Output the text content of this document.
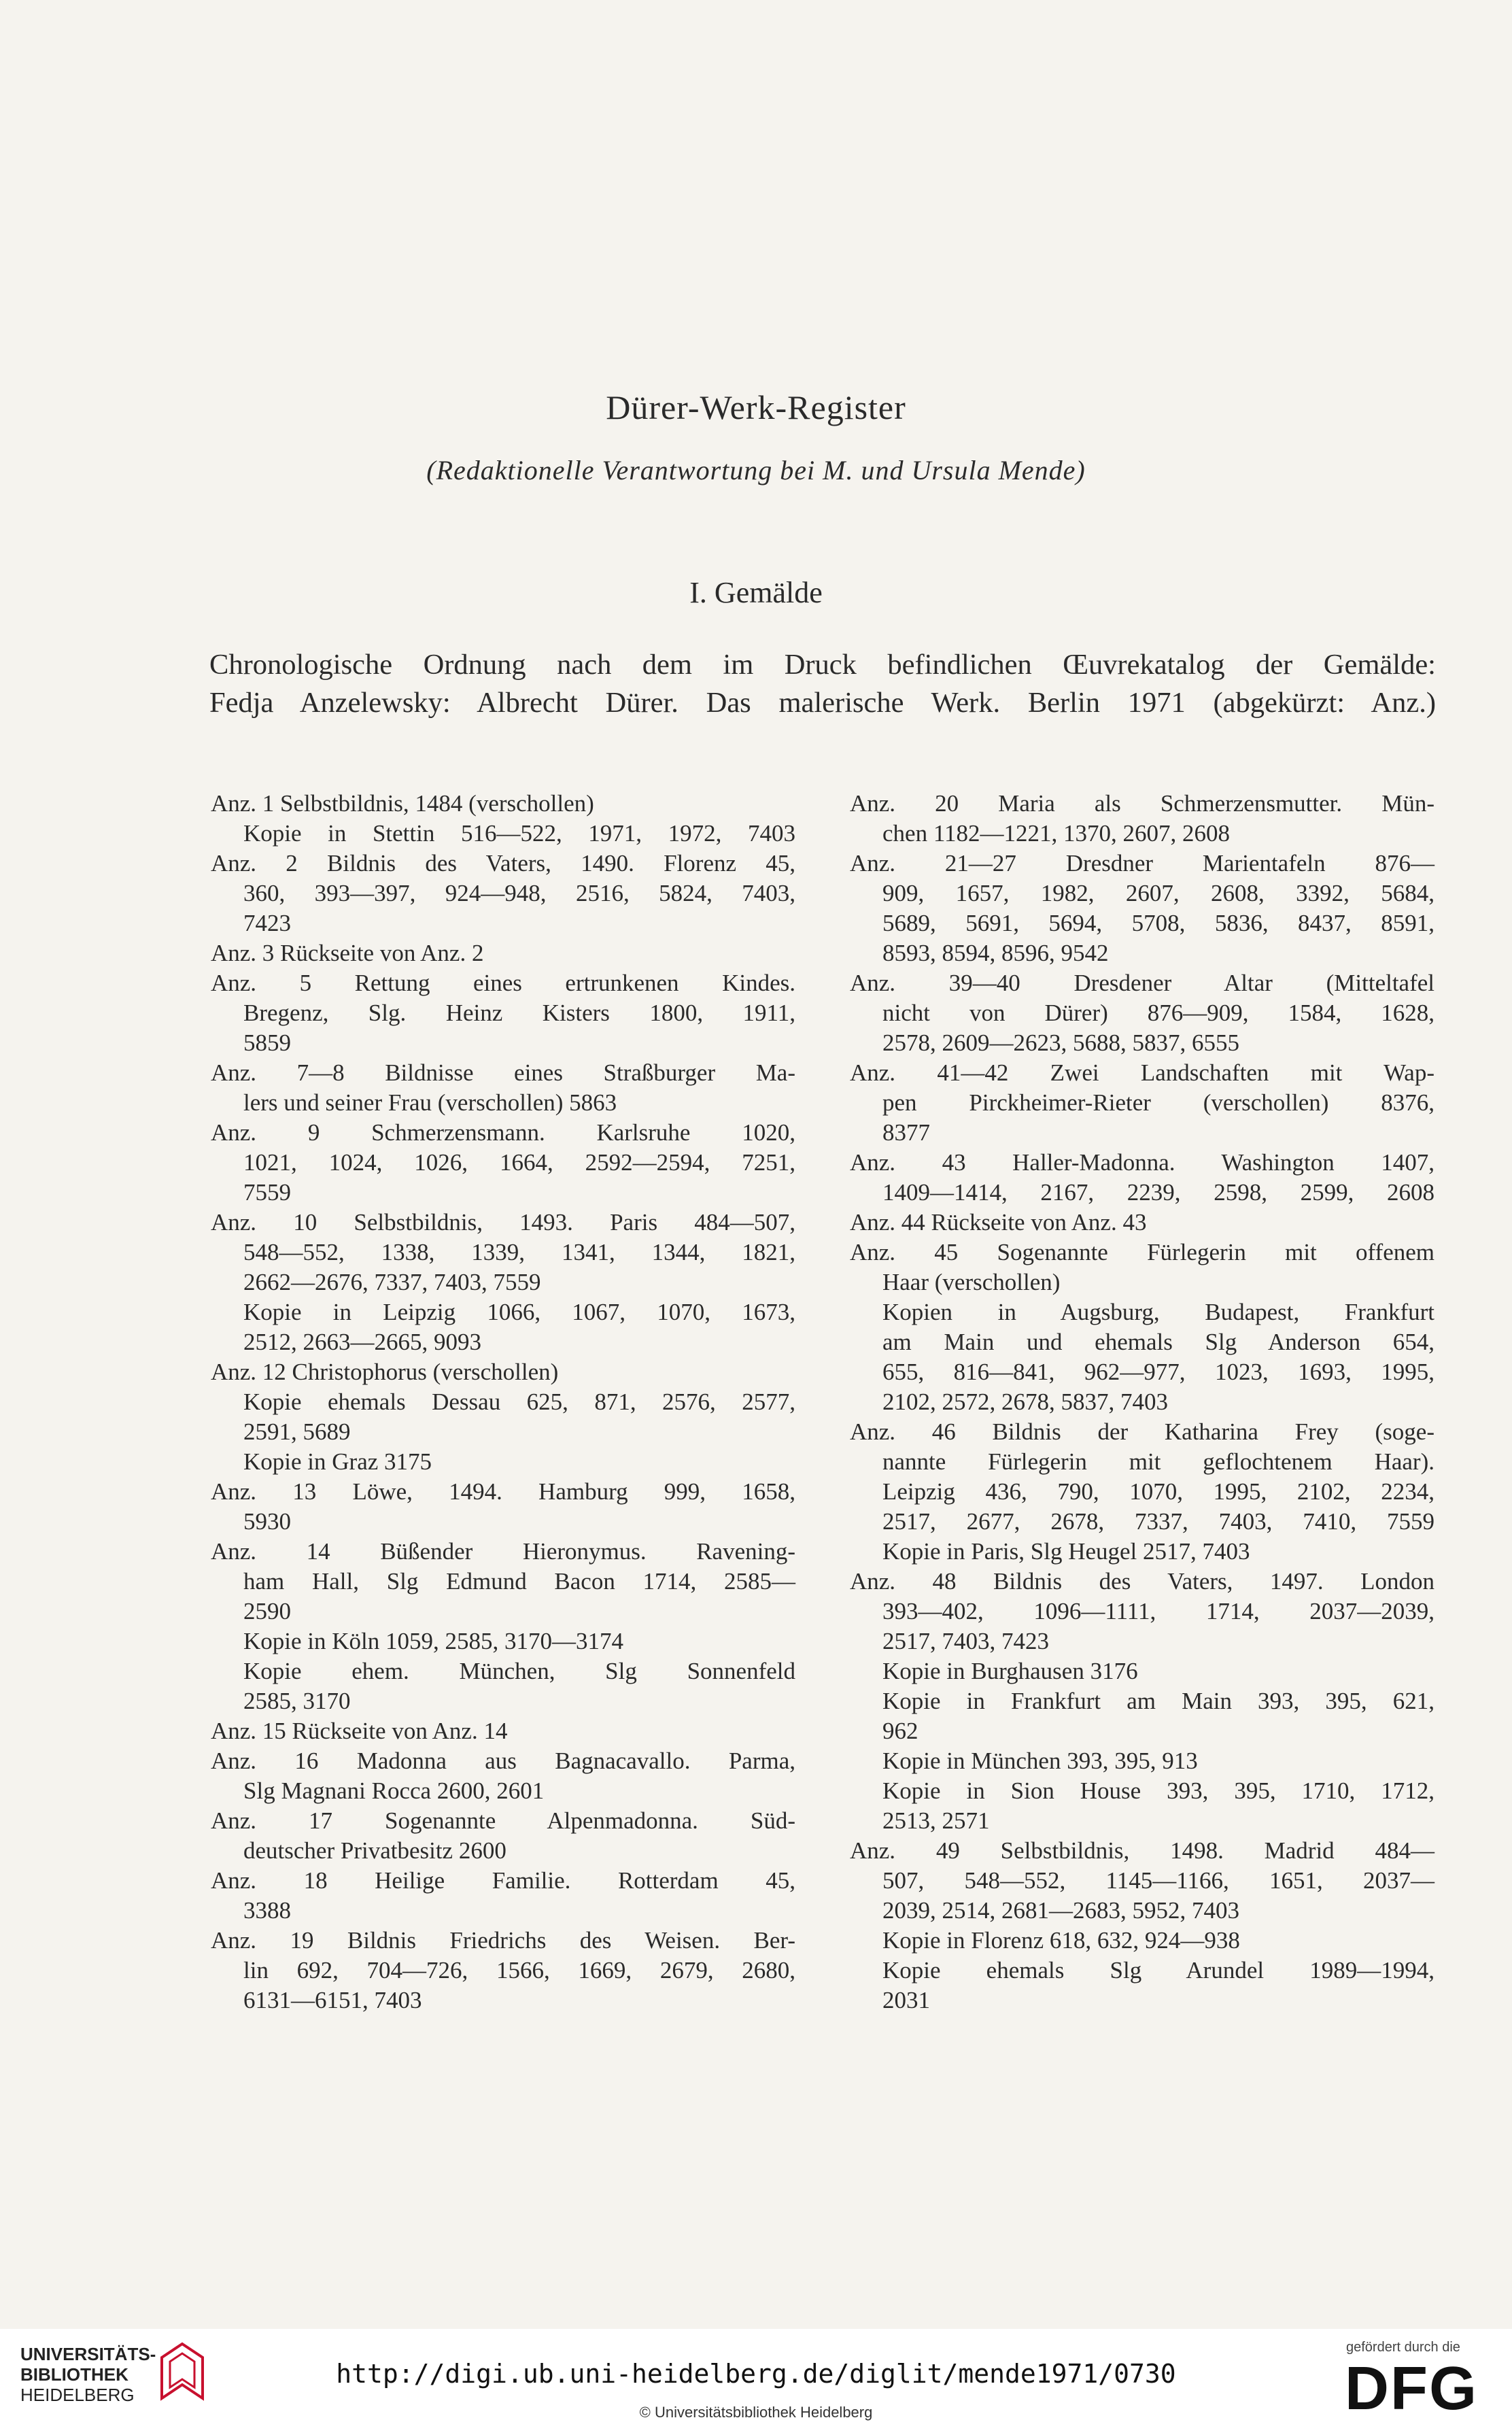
Dürer-Werk-Register
(Redaktionelle Verantwortung bei M. und Ursula Mende)
I. Gemälde
Chronologische Ordnung nach dem im Druck befindlichen Œuvrekatalog der Gemälde:
Fedja Anzelewsky: Albrecht Dürer. Das malerische Werk. Berlin 1971 (abgekürzt: Anz.)
Anz. 1 Selbstbildnis, 1484 (verschollen)
Kopie in Stettin 516—522, 1971, 1972, 7403
Anz. 2 Bildnis des Vaters, 1490. Florenz 45,
360, 393—397, 924—948, 2516, 5824, 7403,
7423
Anz. 3 Rückseite von Anz. 2
Anz. 5 Rettung eines ertrunkenen Kindes.
Bregenz, Slg. Heinz Kisters 1800, 1911,
5859
Anz. 7—8 Bildnisse eines Straßburger Ma-
lers und seiner Frau (verschollen) 5863
Anz. 9 Schmerzensmann. Karlsruhe 1020,
1021, 1024, 1026, 1664, 2592—2594, 7251,
7559
Anz. 10 Selbstbildnis, 1493. Paris 484—507,
548—552, 1338, 1339, 1341, 1344, 1821,
2662—2676, 7337, 7403, 7559
Kopie in Leipzig 1066, 1067, 1070, 1673,
2512, 2663—2665, 9093
Anz. 12 Christophorus (verschollen)
Kopie ehemals Dessau 625, 871, 2576, 2577,
2591, 5689
Kopie in Graz 3175
Anz. 13 Löwe, 1494. Hamburg 999, 1658,
5930
Anz. 14 Büßender Hieronymus. Ravening-
ham Hall, Slg Edmund Bacon 1714, 2585—
2590
Kopie in Köln 1059, 2585, 3170—3174
Kopie ehem. München, Slg Sonnenfeld
2585, 3170
Anz. 15 Rückseite von Anz. 14
Anz. 16 Madonna aus Bagnacavallo. Parma,
Slg Magnani Rocca 2600, 2601
Anz. 17 Sogenannte Alpenmadonna. Süd-
deutscher Privatbesitz 2600
Anz. 18 Heilige Familie. Rotterdam 45,
3388
Anz. 19 Bildnis Friedrichs des Weisen. Ber-
lin 692, 704—726, 1566, 1669, 2679, 2680,
6131—6151, 7403
Anz. 20 Maria als Schmerzensmutter. Mün-
chen 1182—1221, 1370, 2607, 2608
Anz. 21—27 Dresdner Marientafeln 876—
909, 1657, 1982, 2607, 2608, 3392, 5684,
5689, 5691, 5694, 5708, 5836, 8437, 8591,
8593, 8594, 8596, 9542
Anz. 39—40 Dresdener Altar (Mitteltafel
nicht von Dürer) 876—909, 1584, 1628,
2578, 2609—2623, 5688, 5837, 6555
Anz. 41—42 Zwei Landschaften mit Wap-
pen Pirckheimer-Rieter (verschollen) 8376,
8377
Anz. 43 Haller-Madonna. Washington 1407,
1409—1414, 2167, 2239, 2598, 2599, 2608
Anz. 44 Rückseite von Anz. 43
Anz. 45 Sogenannte Fürlegerin mit offenem
Haar (verschollen)
Kopien in Augsburg, Budapest, Frankfurt
am Main und ehemals Slg Anderson 654,
655, 816—841, 962—977, 1023, 1693, 1995,
2102, 2572, 2678, 5837, 7403
Anz. 46 Bildnis der Katharina Frey (soge-
nannte Fürlegerin mit geflochtenem Haar).
Leipzig 436, 790, 1070, 1995, 2102, 2234,
2517, 2677, 2678, 7337, 7403, 7410, 7559
Kopie in Paris, Slg Heugel 2517, 7403
Anz. 48 Bildnis des Vaters, 1497. London
393—402, 1096—1111, 1714, 2037—2039,
2517, 7403, 7423
Kopie in Burghausen 3176
Kopie in Frankfurt am Main 393, 395, 621,
962
Kopie in München 393, 395, 913
Kopie in Sion House 393, 395, 1710, 1712,
2513, 2571
Anz. 49 Selbstbildnis, 1498. Madrid 484—
507, 548—552, 1145—1166, 1651, 2037—
2039, 2514, 2681—2683, 5952, 7403
Kopie in Florenz 618, 632, 924—938
Kopie ehemals Slg Arundel 1989—1994,
2031
UNIVERSITÄTS-
BIBLIOTHEK
HEIDELBERG
http://digi.ub.uni-heidelberg.de/diglit/mende1971/0730
© Universitätsbibliothek Heidelberg
gefördert durch die
DFG
